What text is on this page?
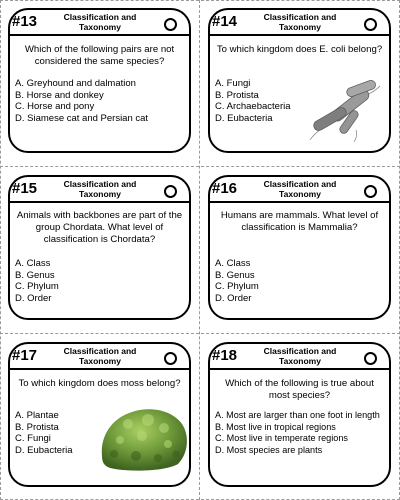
#13	Classification and Taxonomy
Which of the following pairs are not considered the same species?
A. Greyhound and dalmation
B. Horse and donkey
C. Horse and pony
D. Siamese cat and Persian cat
#14	Classification and Taxonomy
To which kingdom does E. coli belong?
A. Fungi
B. Protista
C. Archaebacteria
D. Eubacteria
#15	Classification and Taxonomy
Animals with backbones are part of the group Chordata. What level of classification is Chordata?
A. Class
B. Genus
C. Phylum
D. Order
#16	Classification and Taxonomy
Humans are mammals. What level of classification is Mammalia?
A. Class
B. Genus
C. Phylum
D. Order
#17	Classification and Taxonomy
To which kingdom does moss belong?
A. Plantae
B. Protista
C. Fungi
D. Eubacteria
#18	Classification and Taxonomy
Which of the following is true about most species?
A. Most are larger than one foot in length
B. Most live in tropical regions
C. Most live in temperate regions
D. Most species are plants
